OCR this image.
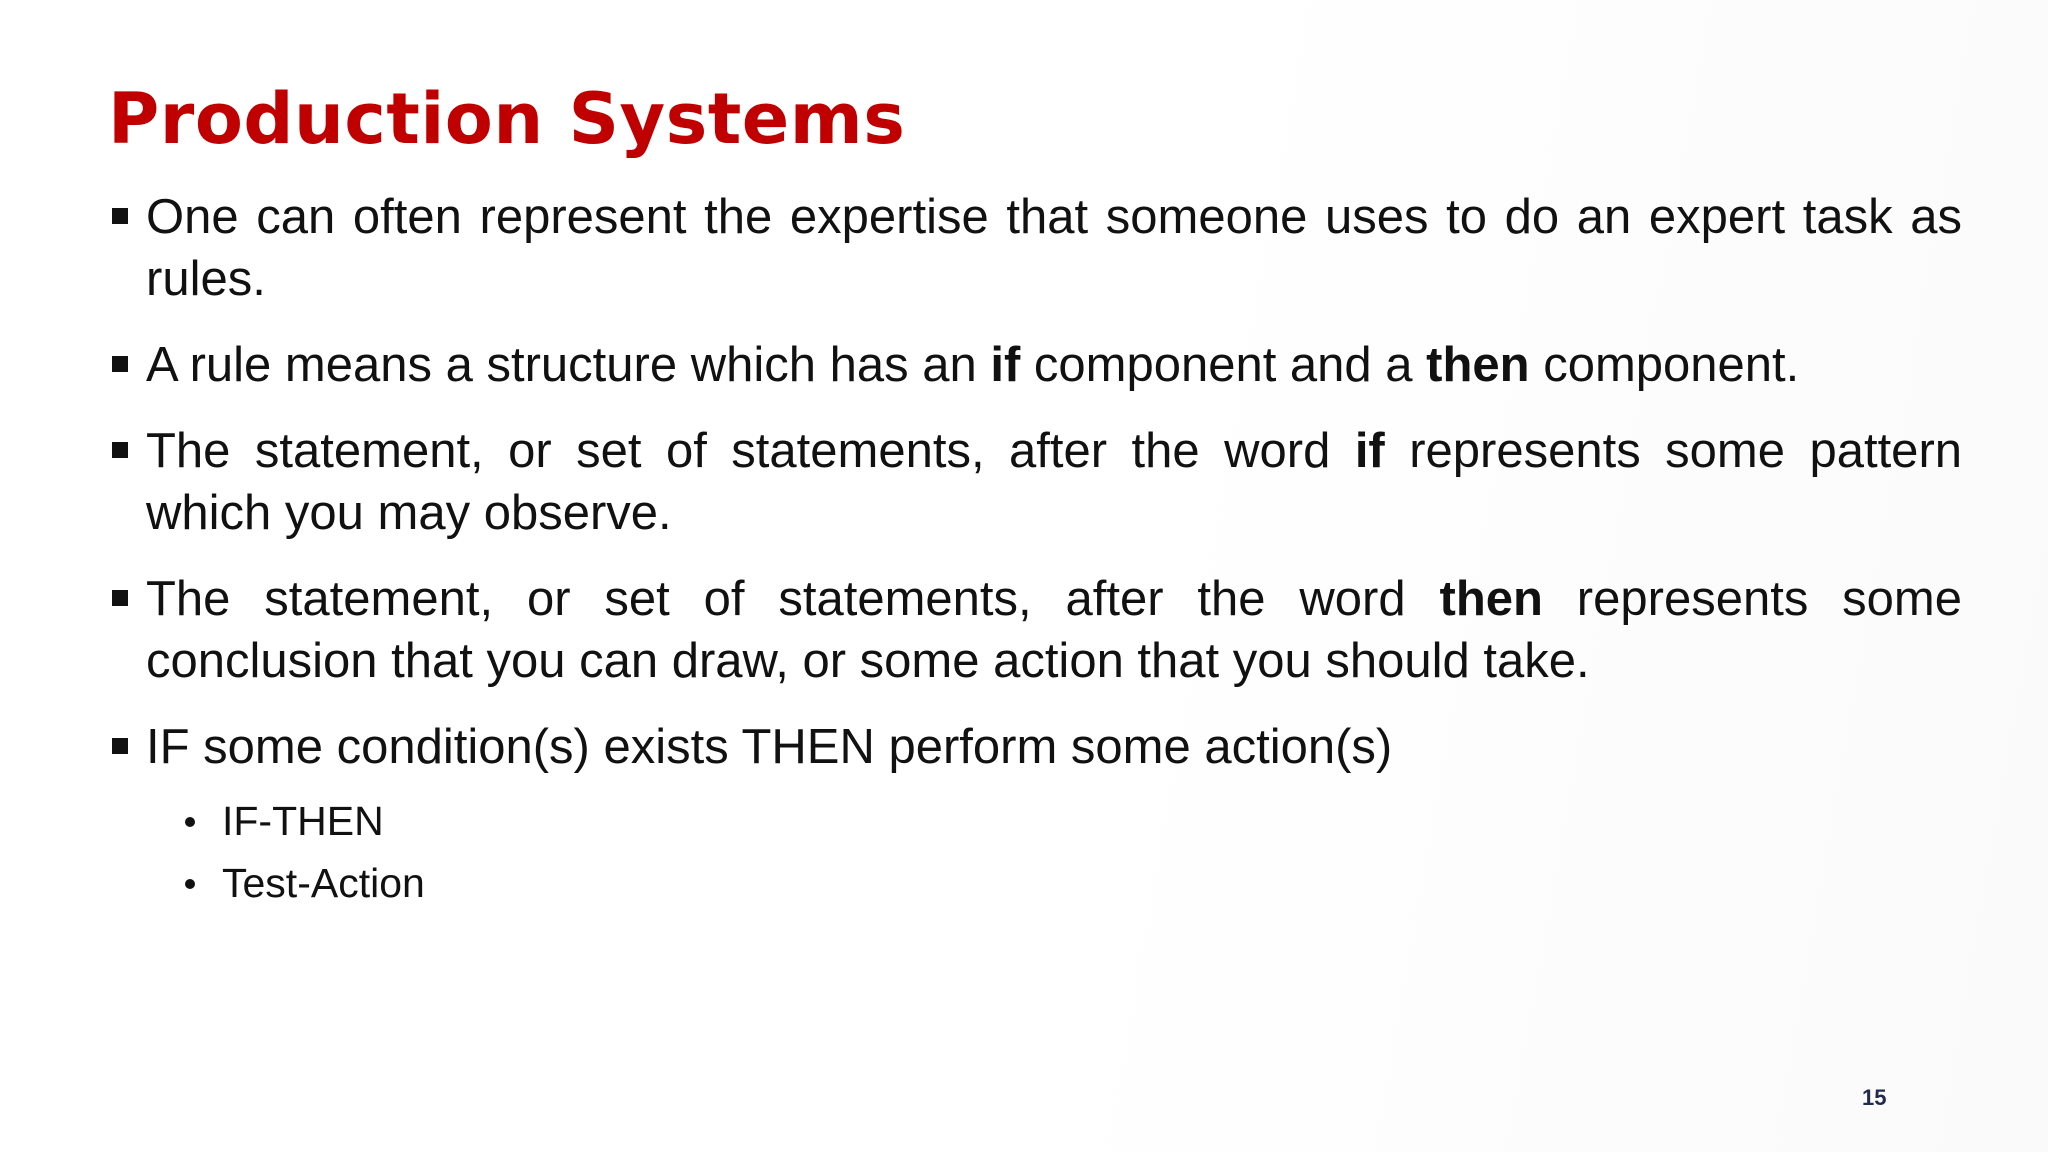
Production Systems
One can often represent the expertise that someone uses to do an expert task as rules.
A rule means a structure which has an if component and a then component.
The statement, or set of statements, after the word if represents some pattern which you may observe.
The statement, or set of statements, after the word then represents some conclusion that you can draw, or some action that you should take.
IF some condition(s) exists THEN perform some action(s)
IF-THEN
Test-Action
15
